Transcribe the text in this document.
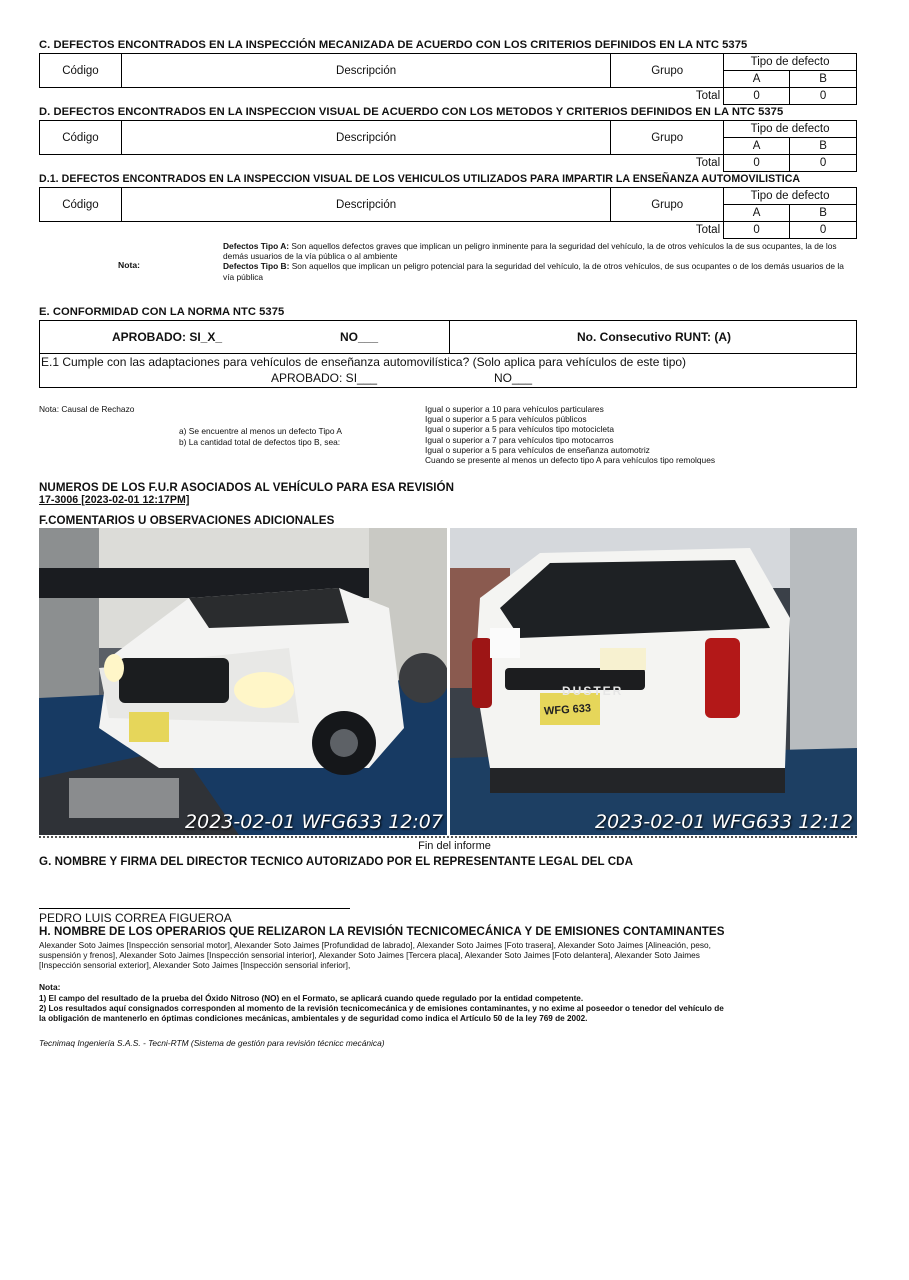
C. DEFECTOS ENCONTRADOS EN LA INSPECCIÓN MECANIZADA DE ACUERDO CON LOS CRITERIOS DEFINIDOS EN LA NTC 5375
Código	Descripción	Grupo	Tipo de defecto	
			A	B
		Total	0	0
D. DEFECTOS ENCONTRADOS EN LA INSPECCION VISUAL DE ACUERDO CON LOS METODOS Y CRITERIOS DEFINIDOS EN LA NTC 5375
Código	Descripción	Grupo	Tipo de defecto	
			A	B
		Total	0	0
D.1. DEFECTOS ENCONTRADOS EN LA INSPECCION VISUAL DE LOS VEHICULOS UTILIZADOS PARA IMPARTIR LA ENSEÑANZA AUTOMOVILISTICA
Código	Descripción	Grupo	Tipo de defecto	
			A	B
		Total	0	0
Nota:
Defectos Tipo A: Son aquellos defectos graves que implican un peligro inminente para la seguridad del vehículo, la de otros vehículos la de sus ocupantes, la de los demás usuarios de la vía pública o al ambiente
Defectos Tipo B: Son aquellos que implican un peligro potencial para la seguridad del vehículo, la de otros vehículos, de sus ocupantes o de los demás usuarios de la vía pública
E. CONFORMIDAD CON LA NORMA NTC 5375
APROBADO: SI_X_	NO___	No. Consecutivo RUNT: (A)
E.1 Cumple con las adaptaciones para vehículos de enseñanza automovilística? (Solo aplica para vehículos de este tipo)
APROBADO: SI___	NO___
Nota: Causal de Rechazo
a) Se encuentre al menos un defecto Tipo A
b) La cantidad total de defectos tipo B, sea:
Igual o superior a 10 para vehículos particulares
Igual o superior a 5 para vehículos públicos
Igual o superior a 5 para vehículos tipo motocicleta
Igual o superior a 7 para vehículos tipo motocarros
Igual o superior a 5 para vehículos de enseñanza automotriz
Cuando se presente al menos un defecto tipo A para vehículos tipo remolques
NUMEROS DE LOS F.U.R ASOCIADOS AL VEHÍCULO PARA ESA REVISIÓN
17-3006 [2023-02-01 12:17PM]
F.COMENTARIOS U OBSERVACIONES ADICIONALES
2023-02-01 WFG633 12:07
DUSTER
WFG 633
2023-02-01 WFG633 12:12
Fin del informe
G. NOMBRE Y FIRMA DEL DIRECTOR TECNICO AUTORIZADO POR EL REPRESENTANTE LEGAL DEL CDA
PEDRO LUIS CORREA FIGUEROA
H. NOMBRE DE LOS OPERARIOS QUE RELIZARON LA REVISIÓN TECNICOMECÁNICA Y DE EMISIONES CONTAMINANTES
Alexander Soto Jaimes [Inspección sensorial motor], Alexander Soto Jaimes [Profundidad de labrado], Alexander Soto Jaimes [Foto trasera], Alexander Soto Jaimes [Alineación, peso,
suspensión y frenos], Alexander Soto Jaimes [Inspección sensorial interior], Alexander Soto Jaimes [Tercera placa], Alexander Soto Jaimes [Foto delantera], Alexander Soto Jaimes
[Inspección sensorial exterior], Alexander Soto Jaimes [Inspección sensorial inferior],
Nota:
1) El campo del resultado de la prueba del Óxido Nitroso (NO) en el Formato, se aplicará cuando quede regulado por la entidad competente.
2) Los resultados aquí consignados corresponden al momento de la revisión tecnicomecánica y de emisiones contaminantes, y no exime al poseedor o tenedor del vehículo de
la obligación de mantenerlo en óptimas condiciones mecánicas, ambientales y de seguridad como indica el Artículo 50 de la ley 769 de 2002.
Tecnimaq Ingeniería S.A.S. - Tecni-RTM (Sistema de gestión para revisión técnicc mecánica)
